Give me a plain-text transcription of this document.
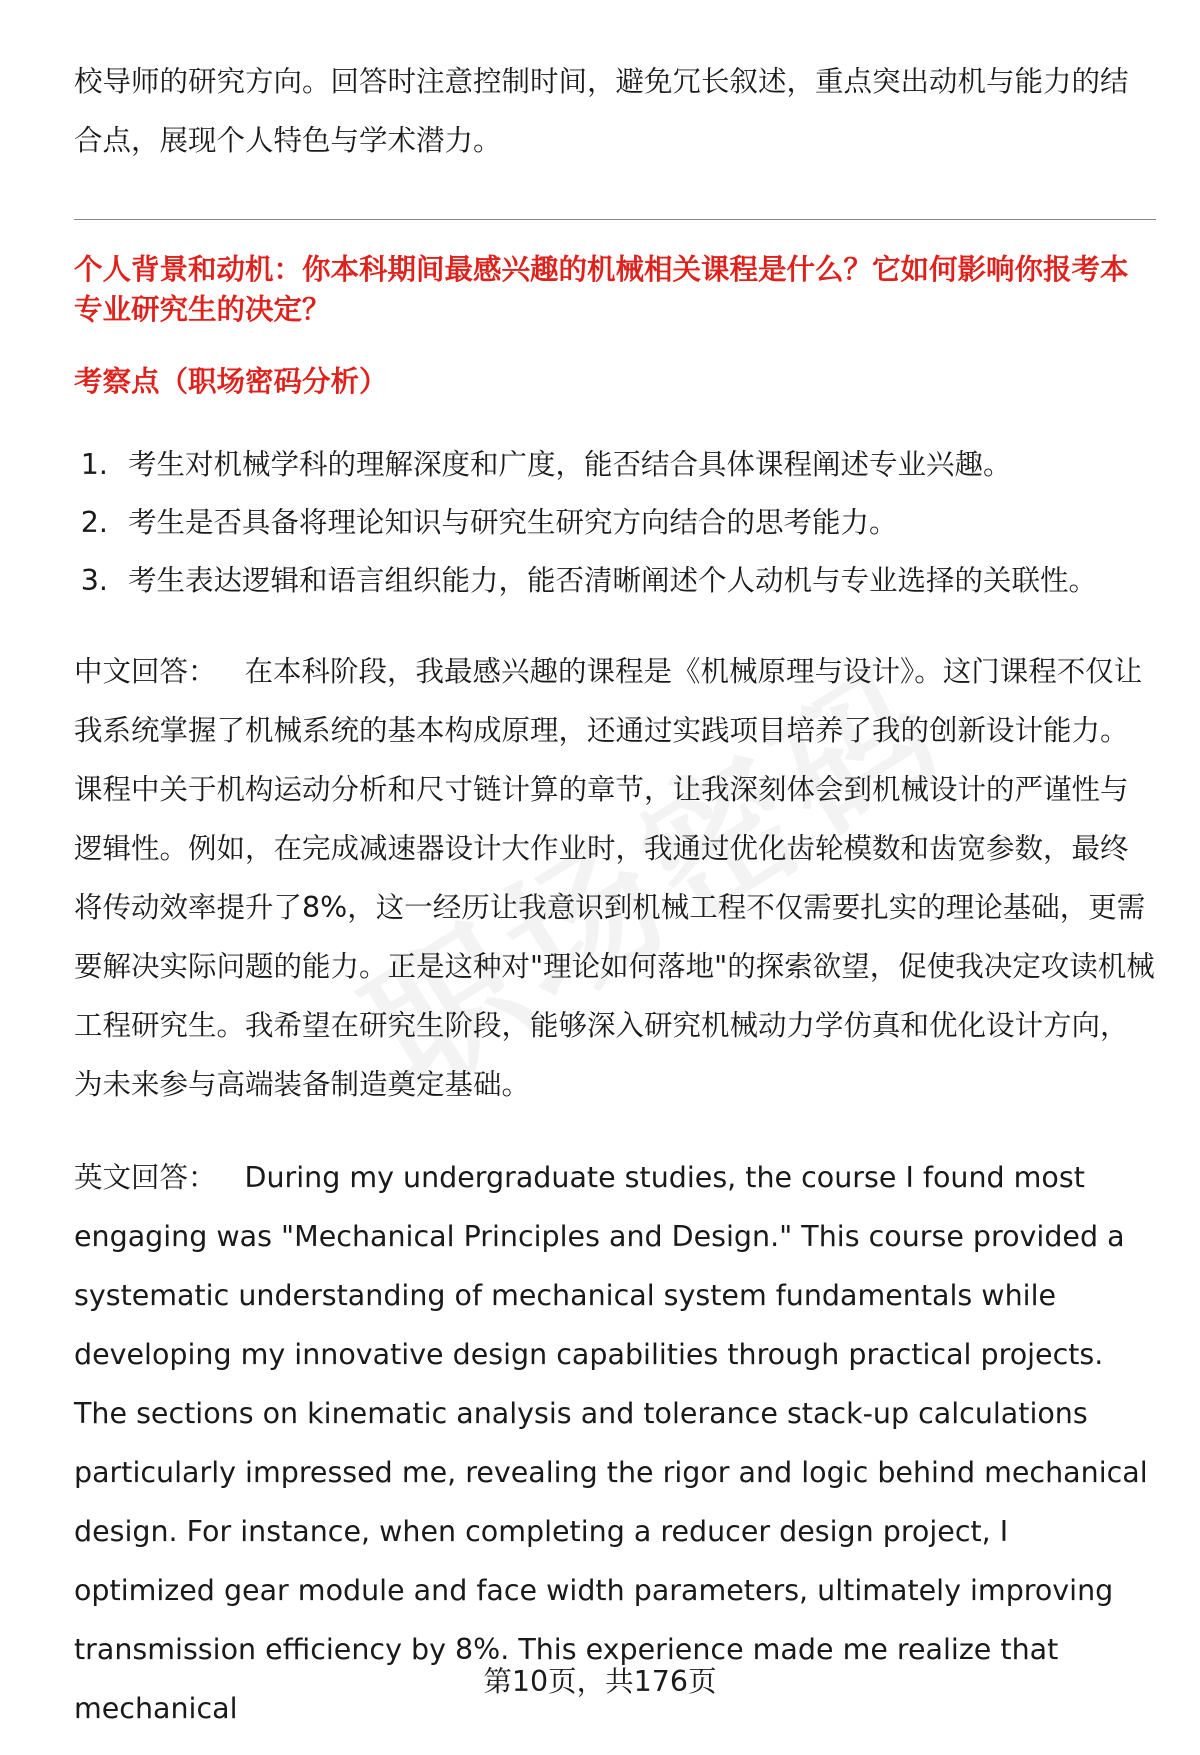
校导师的研究方向。回答时注意控制时间，避免冗长叙述，重点突出动机与能力的结合点，展现个人特色与学术潜力。

个人背景和动机：你本科期间最感兴趣的机械相关课程是什么？它如何影响你报考本专业研究生的决定？
考察点（职场密码分析）
1. 考生对机械学科的理解深度和广度，能否结合具体课程阐述专业兴趣。
2. 考生是否具备将理论知识与研究生研究方向结合的思考能力。
3. 考生表达逻辑和语言组织能力，能否清晰阐述个人动机与专业选择的关联性。

中文回答： 在本科阶段，我最感兴趣的课程是《机械原理与设计》。这门课程不仅让我系统掌握了机械系统的基本构成原理，还通过实践项目培养了我的创新设计能力。课程中关于机构运动分析和尺寸链计算的章节，让我深刻体会到机械设计的严谨性与逻辑性。例如，在完成减速器设计大作业时，我通过优化齿轮模数和齿宽参数，最终将传动效率提升了8%，这一经历让我意识到机械工程不仅需要扎实的理论基础，更需要解决实际问题的能力。正是这种对"理论如何落地"的探索欲望，促使我决定攻读机械工程研究生。我希望在研究生阶段，能够深入研究机械动力学仿真和优化设计方向，为未来参与高端装备制造奠定基础。

英文回答： During my undergraduate studies, the course I found most engaging was "Mechanical Principles and Design." This course provided a systematic understanding of mechanical system fundamentals while developing my innovative design capabilities through practical projects. The sections on kinematic analysis and tolerance stack-up calculations particularly impressed me, revealing the rigor and logic behind mechanical design. For instance, when completing a reducer design project, I optimized gear module and face width parameters, ultimately improving transmission efficiency by 8%. This experience made me realize that mechanical

第10页，共176页
